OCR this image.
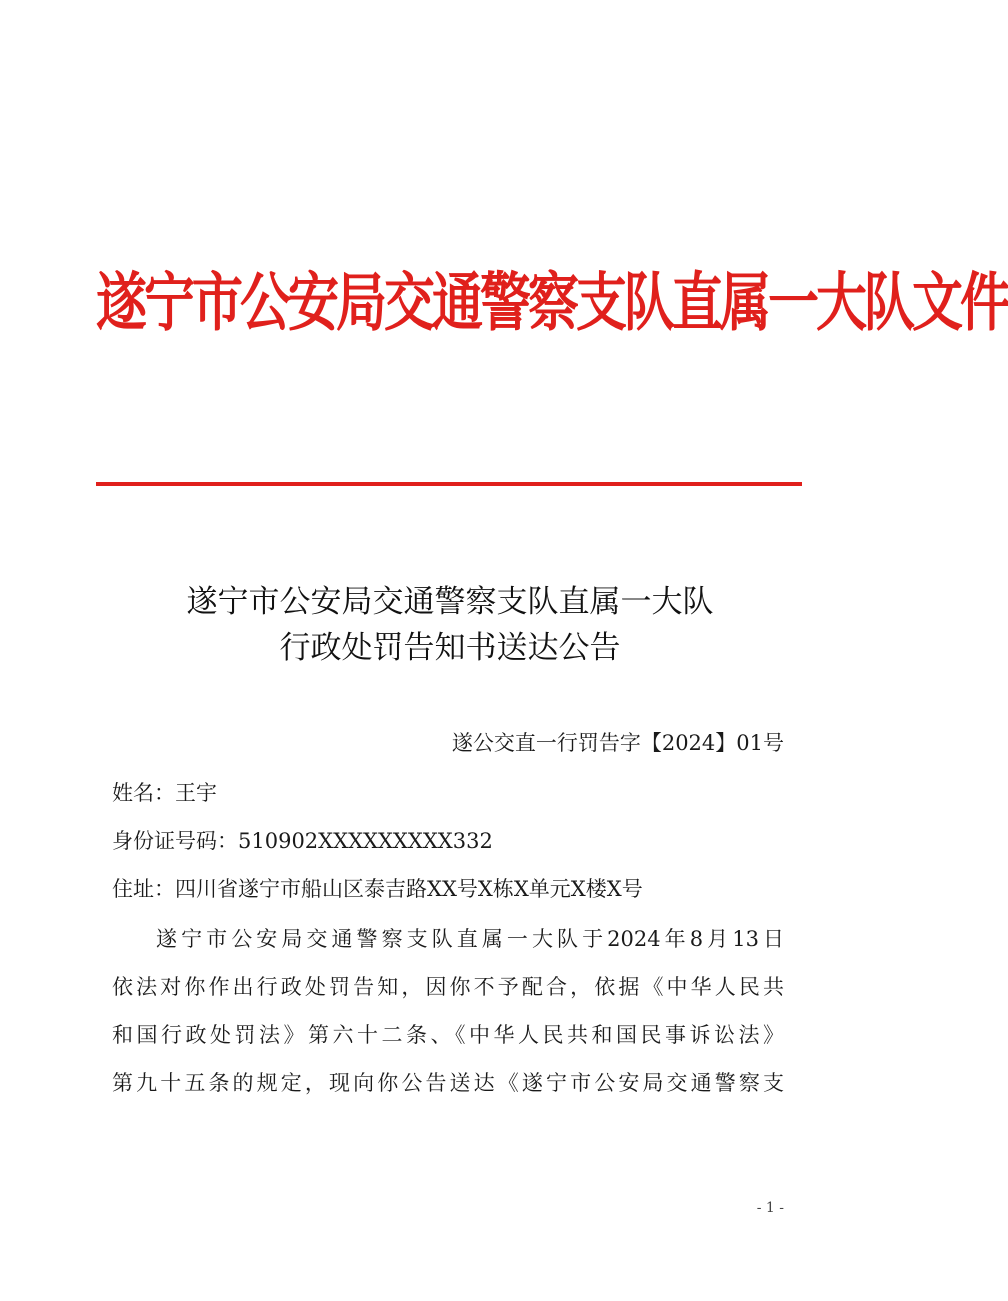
遂宁市公安局交通警察支队直属一大队文件
遂宁市公安局交通警察支队直属一大队
行政处罚告知书送达公告
遂公交直一行罚告字【2024】01号
姓名：王宇
身份证号码：510902XXXXXXXXX332
住址：四川省遂宁市船山区泰吉路XX号X栋X单元X楼X号
遂宁市公安局交通警察支队直属一大队于2024年8月13日
依法对你作出行政处罚告知，因你不予配合，依据《中华人民共
和国行政处罚法》第六十二条、《中华人民共和国民事诉讼法》
第九十五条的规定，现向你公告送达《遂宁市公安局交通警察支
- 1 -
